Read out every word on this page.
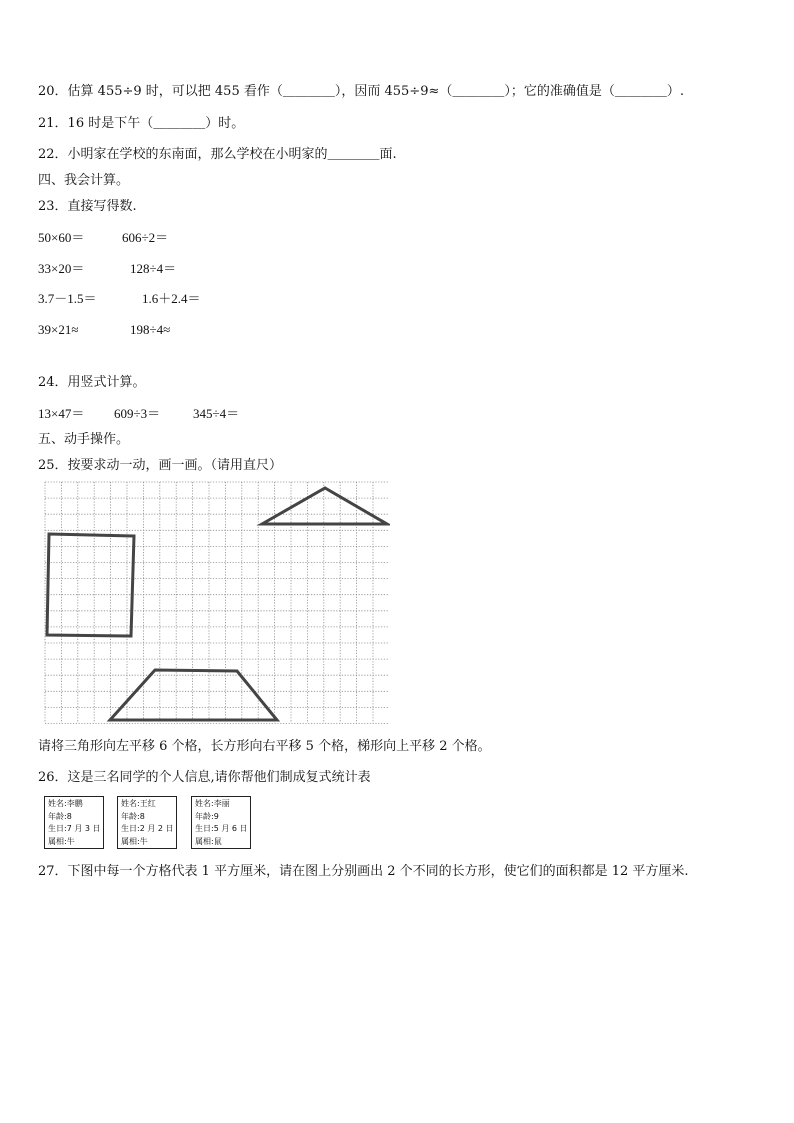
20．估算 455÷9 时，可以把 455 看作（＿＿＿＿），因而 455÷9≈（＿＿＿＿）；它的准确值是（＿＿＿＿）.
21．16 时是下午（＿＿＿＿）时。
22．小明家在学校的东南面，那么学校在小明家的＿＿＿＿面.
四、我会计算。
23．直接写得数.
50×60＝	606÷2＝
33×20＝	128÷4＝
3.7－1.5＝	1.6＋2.4＝
39×21≈	198÷4≈
24．用竖式计算。
13×47＝ 609÷3＝	345÷4＝
五、动手操作。
25．按要求动一动，画一画。（请用直尺）
请将三角形向左平移 6 个格，长方形向右平移 5 个格，梯形向上平移 2 个格。
26．这是三名同学的个人信息,请你帮他们制成复式统计表
姓名:李鹏
年龄:8
生日:7 月 3 日
属相:牛
姓名:王红
年龄:8
生日:2 月 2 日
属相:牛
姓名:李丽
年龄:9
生日:5 月 6 日
属相:鼠
27．下图中每一个方格代表 1 平方厘米，请在图上分别画出 2 个不同的长方形，使它们的面积都是 12 平方厘米.
